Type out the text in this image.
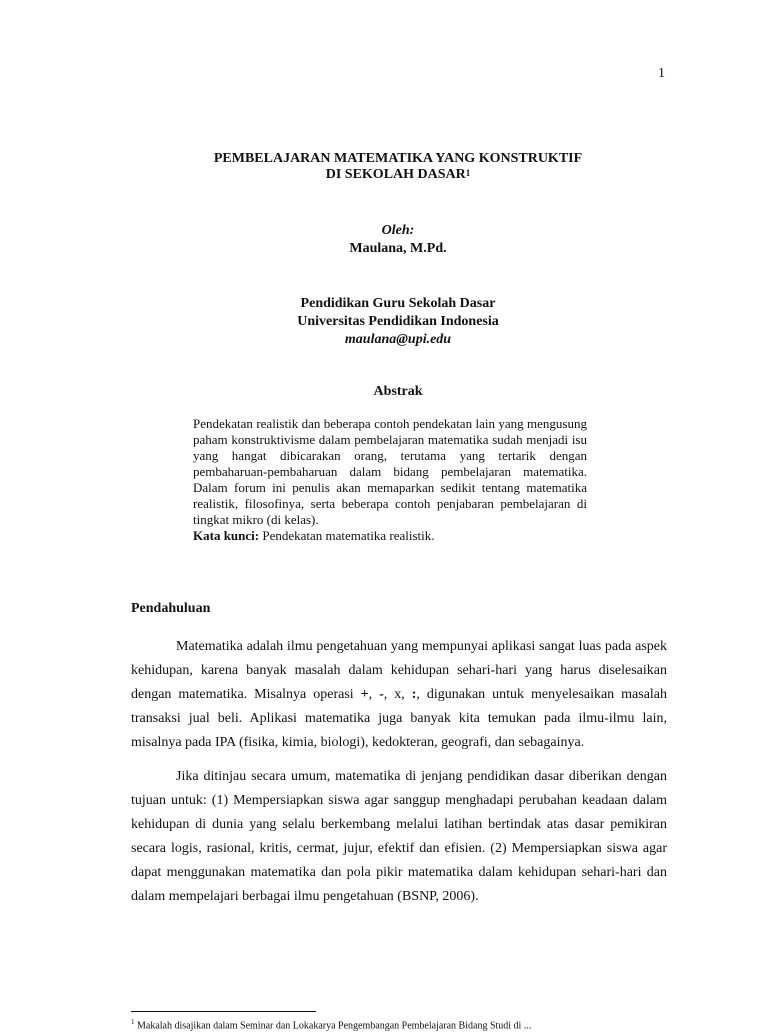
1
PEMBELAJARAN MATEMATIKA YANG KONSTRUKTIF
DI SEKOLAH DASAR$^1$
Oleh:
Maulana, M.Pd.
Pendidikan Guru Sekolah Dasar
Universitas Pendidikan Indonesia
maulana@upi.edu
Abstrak

Pendekatan realistik dan beberapa contoh pendekatan lain yang mengusung paham konstruktivisme dalam pembelajaran matematika sudah menjadi isu yang hangat dibicarakan orang, terutama yang tertarik dengan pembaharuan-pembaharuan dalam bidang pembelajaran matematika. Dalam forum ini penulis akan memaparkan sedikit tentang matematika realistik, filosofinya, serta beberapa contoh penjabaran pembelajaran di tingkat mikro (di kelas).

Kata kunci: Pendekatan matematika realistik.

Pendahuluan

Matematika adalah ilmu pengetahuan yang mempunyai aplikasi sangat luas pada aspek kehidupan, karena banyak masalah dalam kehidupan sehari-hari yang harus diselesaikan dengan matematika. Misalnya operasi +, -, x, :, digunakan untuk menyelesaikan masalah transaksi jual beli. Aplikasi matematika juga banyak kita temukan pada ilmu-ilmu lain, misalnya pada IPA (fisika, kimia, biologi), kedokteran, geografi, dan sebagainya.

Jika ditinjau secara umum, matematika di jenjang pendidikan dasar diberikan dengan tujuan untuk: (1) Mempersiapkan siswa agar sanggup menghadapi perubahan keadaan dalam kehidupan di dunia yang selalu berkembang melalui latihan bertindak atas dasar pemikiran secara logis, rasional, kritis, cermat, jujur, efektif dan efisien. (2) Mempersiapkan siswa agar dapat menggunakan matematika dan pola pikir matematika dalam kehidupan sehari-hari dan dalam mempelajari berbagai ilmu pengetahuan (BSNP, 2006).

$^1$ Makalah disajikan dalam Seminar dan Lokakarya Pengembangan Pembelajaran Bidang Studi di ...
